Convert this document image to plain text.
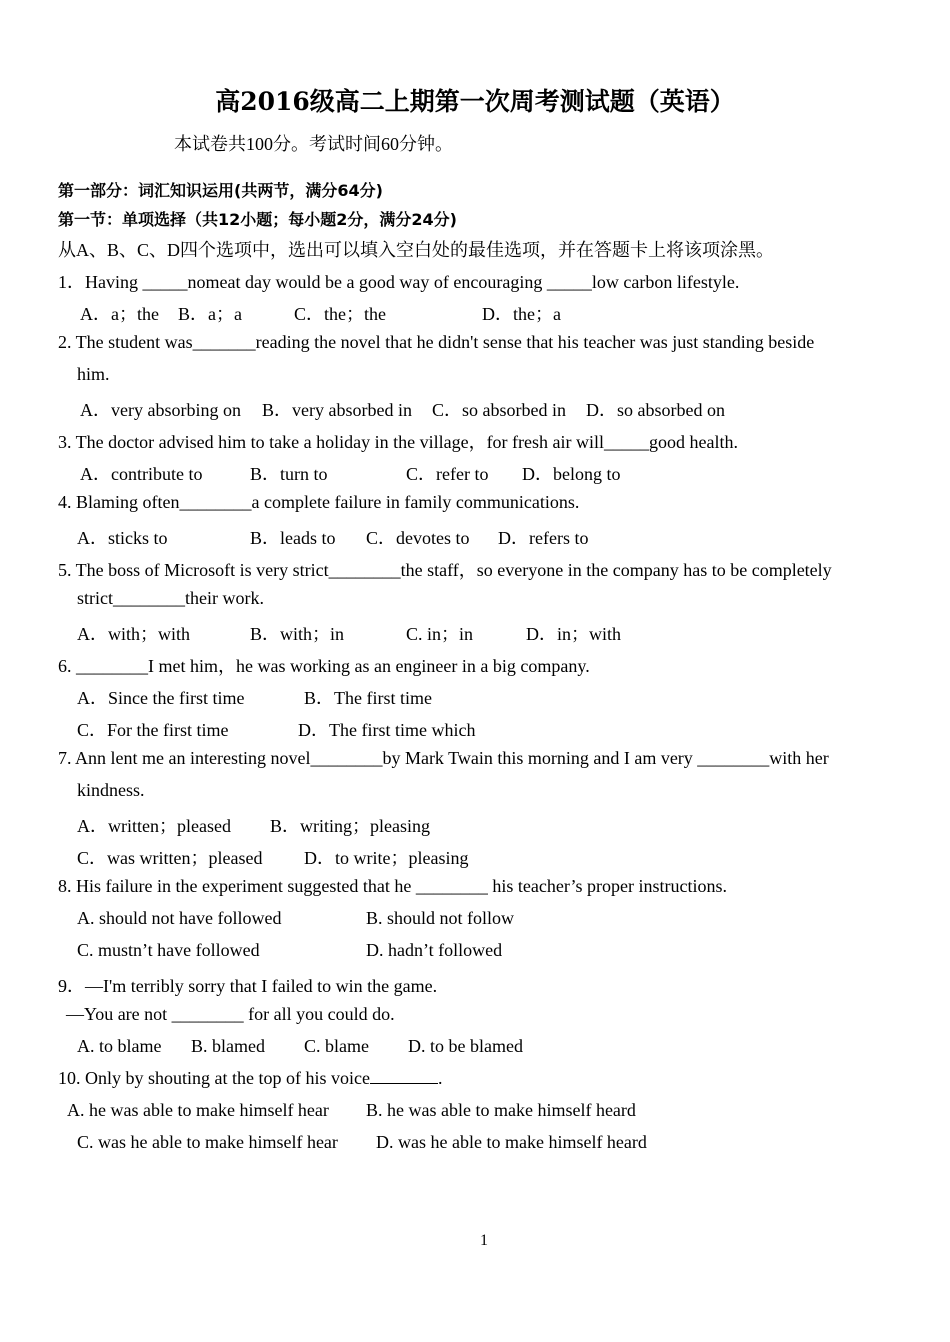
高2016级高二上期第一次周考测试题（英语）
本试卷共100分。考试时间60分钟。
第一部分：词汇知识运用(共两节，满分64分)
第一节：单项选择（共12小题；每小题2分，满分24分)
从A、B、C、D四个选项中，选出可以填入空白处的最佳选项，并在答题卡上将该项涂黑。
1．Having _____nomeat day would be a good way of encouraging _____low carbon lifestyle.
A．a；the B．a；a	C．the；the	D．the；a
2. The student was_______reading the novel that he didn't sense that his teacher was just standing beside
him.
A．very absorbing on B．very absorbed in C．so absorbed in D．so absorbed on
3. The doctor advised him to take a holiday in the village，for fresh air will_____good health.
A．contribute to	B．turn to	C．refer to D．belong to
4. Blaming often________a complete failure in family communications.
A．sticks to	B．leads to C．devotes to D．refers to
5. The boss of Microsoft is very strict________the staff，so everyone in the company has to be completely
strict________their work.
A．with；with	B．with；in	C. in；in	D．in；with
6. ________I met him，he was working as an engineer in a big company.
A．Since the first time	B．The first time
C．For the first time	D．The first time which
7. Ann lent me an interesting novel________by Mark Twain this morning and I am very ________with her
kindness.
A．written；pleased B．writing；pleasing
C．was written；pleased D．to write；pleasing
8. His failure in the experiment suggested that he ________ his teacher’s proper instructions.
A. should not have followed	B. should not follow
C. mustn’t have followed	D. hadn’t followed
9．—I'm terribly sorry that I failed to win the game.
—You are not ________ for all you could do.
A. to blame B. blamed C. blame D. to be blamed
10. Only by shouting at the top of his voice	.
A. he was able to make himself hear B. he was able to make himself heard
C. was he able to make himself hear D. was he able to make himself heard
1
